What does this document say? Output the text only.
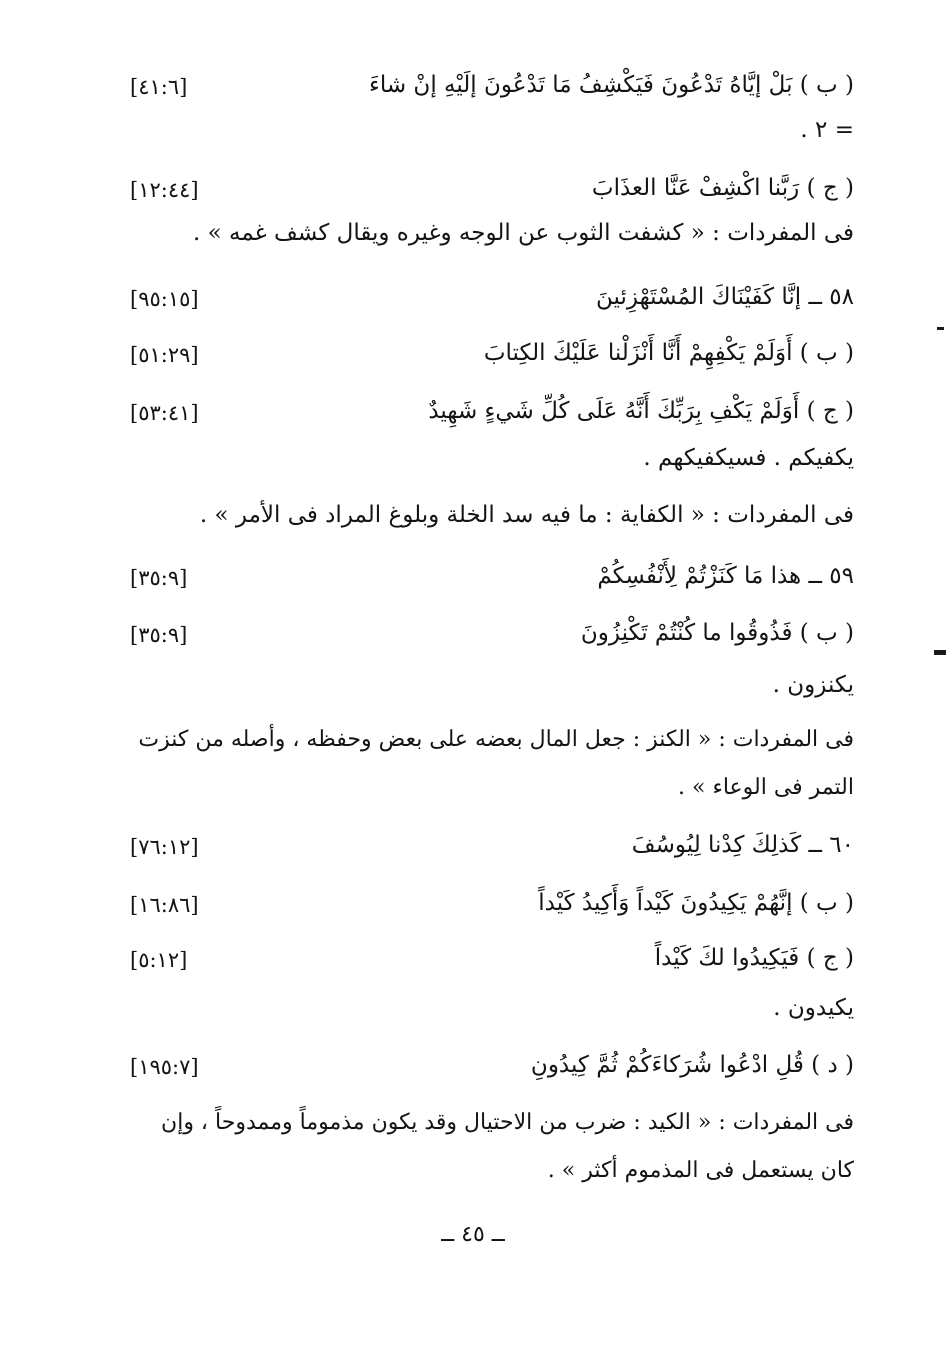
( ب ) بَلْ إيَّاهُ تَدْعُونَ فَيَكْشِفُ مَا تَدْعُونَ إلَيْهِ إنْ شاءَ
[٤١:٦]
= ٢ .
( ج ) رَبَّنا اكْشِفْ عَنَّا العذَابَ
[١٢:٤٤]
فى المفردات : « كشفت الثوب عن الوجه وغيره ويقال كشف غمه » .
٥٨ ــ إنَّا كَفَيْنَاكَ المُسْتَهْزِئينَ
[٩٥:١٥]
( ب ) أَوَلَمْ يَكْفِهِمْ أَنَّا أَنْزَلْنا عَلَيْكَ الكِتابَ
[٥١:٢٩]
( ج ) أَوَلَمْ يَكْفِ بِرَبِّكَ أَنَّهُ عَلَى كُلِّ شَيءٍ شَهِيدٌ
[٥٣:٤١]
يكفيكم . فسيكفيكهم .
فى المفردات : « الكفاية : ما فيه سد الخلة وبلوغ المراد فى الأمر » .
٥٩ ــ هذا مَا كَنَزْتُمْ لِأَنْفُسِكُمْ
[٣٥:٩]
( ب ) فَذُوقُوا ما كُنْتُمْ تَكْنِزُونَ
[٣٥:٩]
يكنزون .
فى المفردات : « الكنز : جعل المال بعضه على بعض وحفظه ، وأصله من كنزت
التمر فى الوعاء » .
٦٠ ــ كَذلِكَ كِدْنا لِيُوسُفَ
[٧٦:١٢]
( ب ) إنَّهُمْ يَكِيدُونَ كَيْداً وَأَكِيدُ كَيْداً
[١٦:٨٦]
( ج ) فَيَكِيدُوا لكَ كَيْداً
[٥:١٢]
يكيدون .
( د ) قُلِ ادْعُوا شُرَكاءَكُمْ ثُمَّ كِيدُونِ
[١٩٥:٧]
فى المفردات : « الكيد : ضرب من الاحتيال وقد يكون مذموماً وممدوحاً ، وإن
كان يستعمل فى المذموم أكثر » .
ــ ٤٥ ــ
